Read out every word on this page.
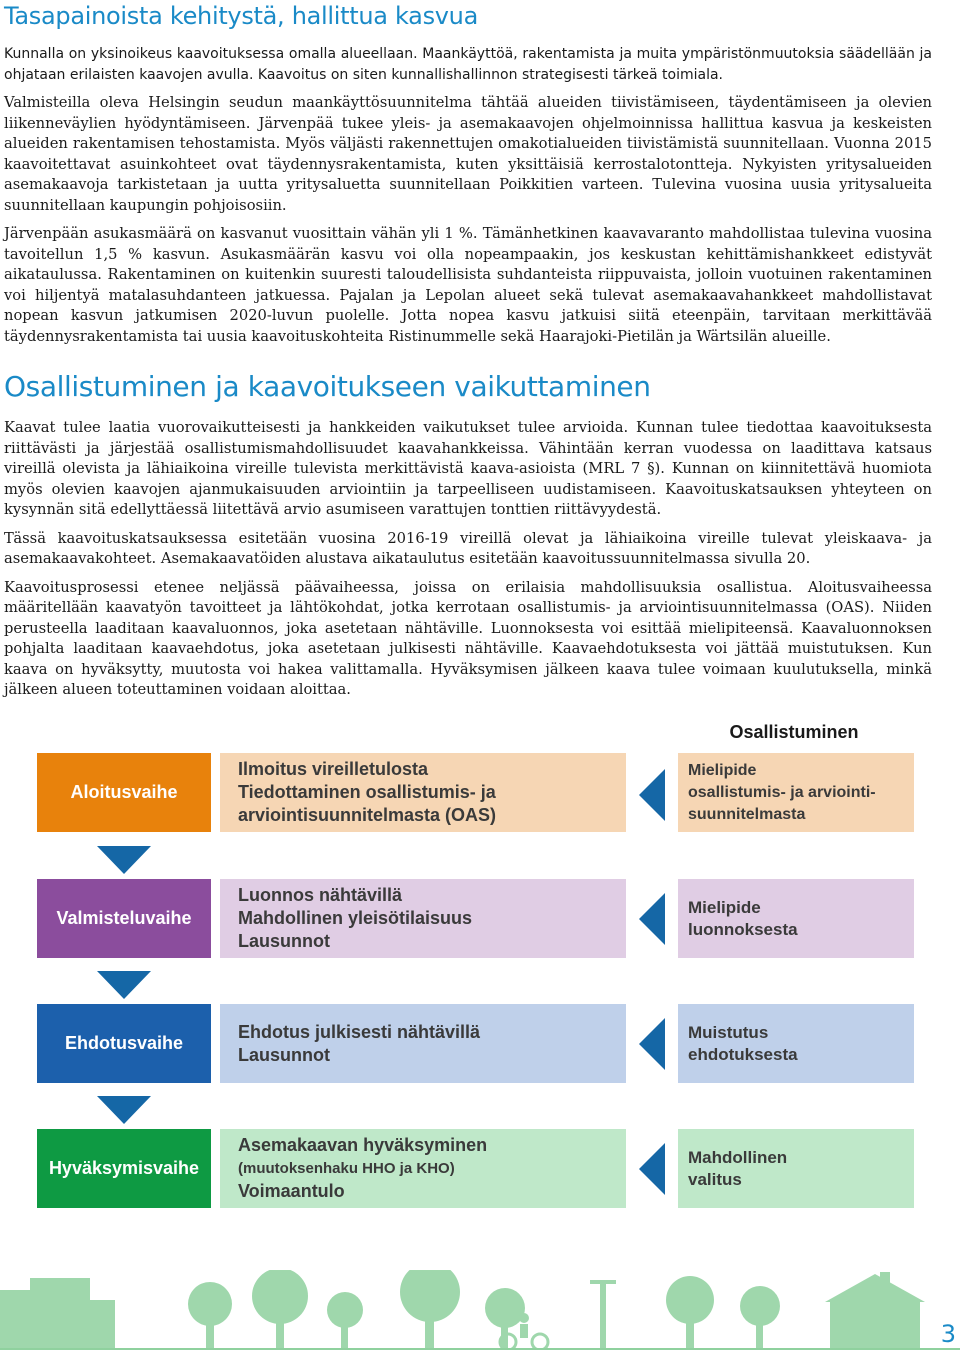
Tasapainoista kehitystä, hallittua kasvua

Kunnalla on yksinoikeus kaavoituksessa omalla alueellaan. Maankäyttöä, rakentamista ja muita ympäristönmuutoksia säädellään ja ohjataan erilaisten kaavojen avulla. Kaavoitus on siten kunnallishallinnon strategisesti tärkeä toimiala.

Valmisteilla oleva Helsingin seudun maankäyttösuunnitelma tähtää alueiden tiivistämiseen, täydentämiseen ja olevien liikenneväylien hyödyntämiseen. Järvenpää tukee yleis- ja asemakaavojen ohjelmoinnissa hallittua kasvua ja keskeisten alueiden rakentamisen tehostamista. Myös väljästi rakennettujen omakotialueiden tiivistämistä suunnitellaan. Vuonna 2015 kaavoitettavat asuinkohteet ovat täydennysrakentamista, kuten yksittäisiä kerrostalotontteja. Nykyisten yritysalueiden asemakaavoja tarkistetaan ja uutta yritysaluetta suunnitellaan Poikkitien varteen. Tulevina vuosina uusia yritysalueita suunnitellaan kaupungin pohjoisosiin.

Järvenpään asukasmäärä on kasvanut vuosittain vähän yli 1 %. Tämänhetkinen kaavavaranto mahdollistaa tulevina vuosina tavoitellun 1,5 % kasvun. Asukasmäärän kasvu voi olla nopeampaakin, jos keskustan kehittämishankkeet edistyvät aikataulussa. Rakentaminen on kuitenkin suuresti taloudellisista suhdanteista riippuvaista, jolloin vuotuinen rakentaminen voi hiljentyä matalasuhdanteen jatkuessa. Pajalan ja Lepolan alueet sekä tulevat asemakaavahankkeet mahdollistavat nopean kasvun jatkumisen 2020-luvun puolelle. Jotta nopea kasvu jatkuisi siitä eteenpäin, tarvitaan merkittävää täydennysrakentamista tai uusia kaavoituskohteita Ristinummelle sekä Haarajoki-Pietilän ja Wärtsilän alueille.

Osallistuminen ja kaavoitukseen vaikuttaminen

Kaavat tulee laatia vuorovaikutteisesti ja hankkeiden vaikutukset tulee arvioida. Kunnan tulee tiedottaa kaavoituksesta riittävästi ja järjestää osallistumismahdollisuudet kaavahankkeissa. Vähintään kerran vuodessa on laadittava katsaus vireillä olevista ja lähiaikoina vireille tulevista merkittävistä kaava-asioista (MRL 7 §). Kunnan on kiinnitettävä huomiota myös olevien kaavojen ajanmukaisuuden arviointiin ja tarpeelliseen uudistamiseen. Kaavoituskatsauksen yhteyteen on kysynnän sitä edellyttäessä liitettävä arvio asumiseen varattujen tonttien riittävyydestä.

Tässä kaavoituskatsauksessa esitetään vuosina 2016-19 vireillä olevat ja lähiaikoina vireille tulevat yleiskaava- ja asemakaavakohteet. Asemakaavatöiden alustava aikataulutus esitetään kaavoitussuunnitelmassa sivulla 20.

Kaavoitusprosessi etenee neljässä päävaiheessa, joissa on erilaisia mahdollisuuksia osallistua. Aloitusvaiheessa määritellään kaavatyön tavoitteet ja lähtökohdat, jotka kerrotaan osallistumis- ja arviointisuunnitelmassa (OAS). Niiden perusteella laaditaan kaavaluonnos, joka asetetaan nähtäville. Luonnoksesta voi esittää mielipiteensä. Kaavaluonnoksen pohjalta laaditaan kaavaehdotus, joka asetetaan julkisesti nähtäville. Kaavaehdotuksesta voi jättää muistutuksen. Kun kaava on hyväksytty, muutosta voi hakea valittamalla. Hyväksymisen jälkeen kaava tulee voimaan kuulutuksella, minkä jälkeen alueen toteuttaminen voidaan aloittaa.

Osallistuminen
Aloitusvaihe
Ilmoitus vireilletulosta
Tiedottaminen osallistumis- ja
arviointisuunnitelmasta (OAS)
Mielipide
osallistumis- ja arviointi-
suunnitelmasta
Valmisteluvaihe
Luonnos nähtävillä
Mahdollinen yleisötilaisuus
Lausunnot
Mielipide
luonnoksesta
Ehdotusvaihe
Ehdotus julkisesti nähtävillä
Lausunnot
Muistutus
ehdotuksesta
Hyväksymisvaihe
Asemakaavan hyväksyminen
(muutoksenhaku HHO ja KHO)
Voimaantulo
Mahdollinen
valitus
3
